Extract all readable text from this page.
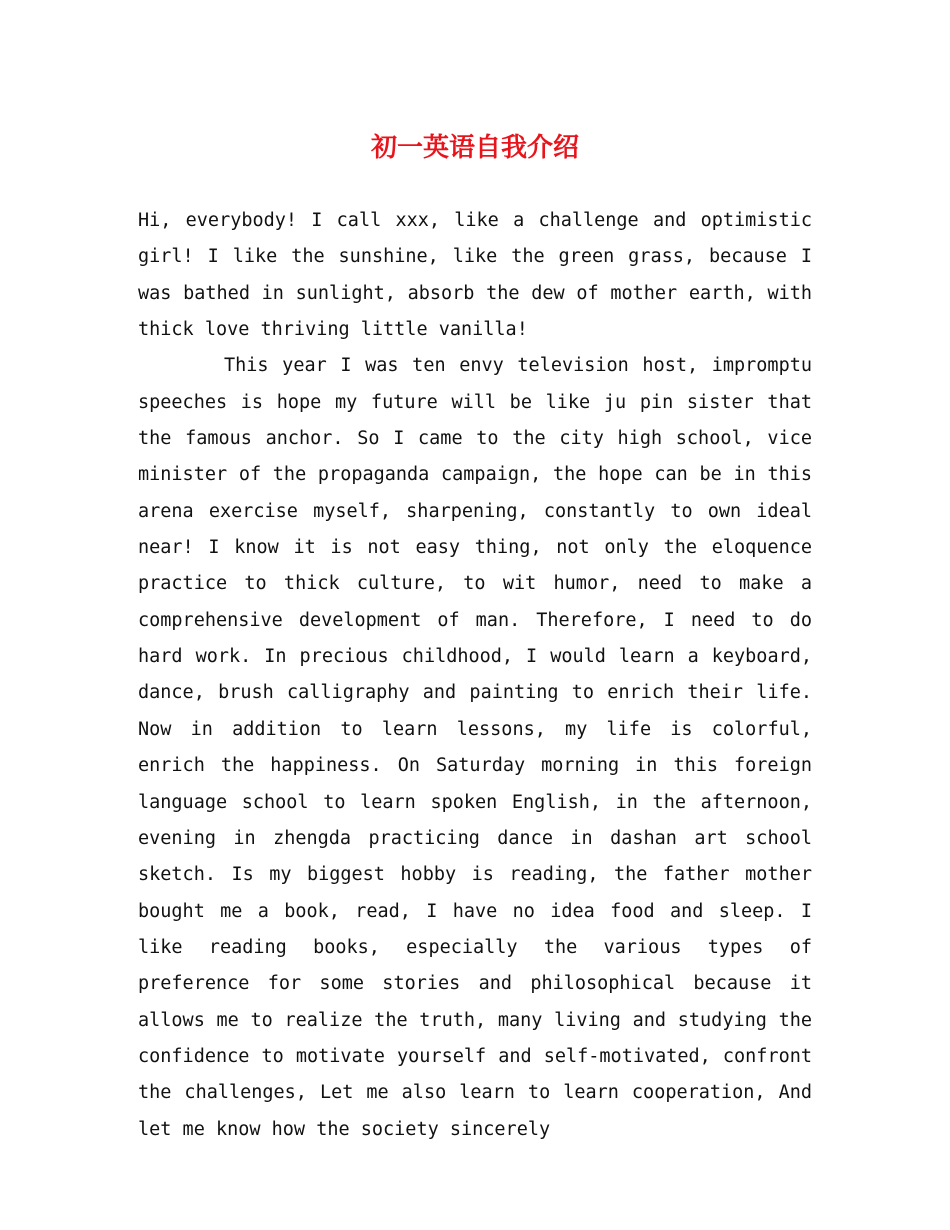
初一英语自我介绍

Hi, everybody! I call xxx, like a challenge and optimistic girl! I like the sunshine, like the green grass, because I was bathed in sunlight, absorb the dew of mother earth, with thick love thriving little vanilla!

This year I was ten envy television host, impromptu speeches is hope my future will be like ju pin sister that the famous anchor. So I came to the city high school, vice minister of the propaganda campaign, the hope can be in this arena exercise myself, sharpening, constantly to own ideal near! I know it is not easy thing, not only the eloquence practice to thick culture, to wit humor, need to make a comprehensive development of man. Therefore, I need to do hard work. In precious childhood, I would learn a keyboard, dance, brush calligraphy and painting to enrich their life. Now in addition to learn lessons, my life is colorful, enrich the happiness. On Saturday morning in this foreign language school to learn spoken English, in the afternoon, evening in zhengda practicing dance in dashan art school sketch. Is my biggest hobby is reading, the father mother bought me a book, read, I have no idea food and sleep. I like reading books, especially the various types of preference for some stories and philosophical because it allows me to realize the truth, many living and studying the confidence to motivate yourself and self-motivated, confront the challenges, Let me also learn to learn cooperation, And let me know how the society sincerely
